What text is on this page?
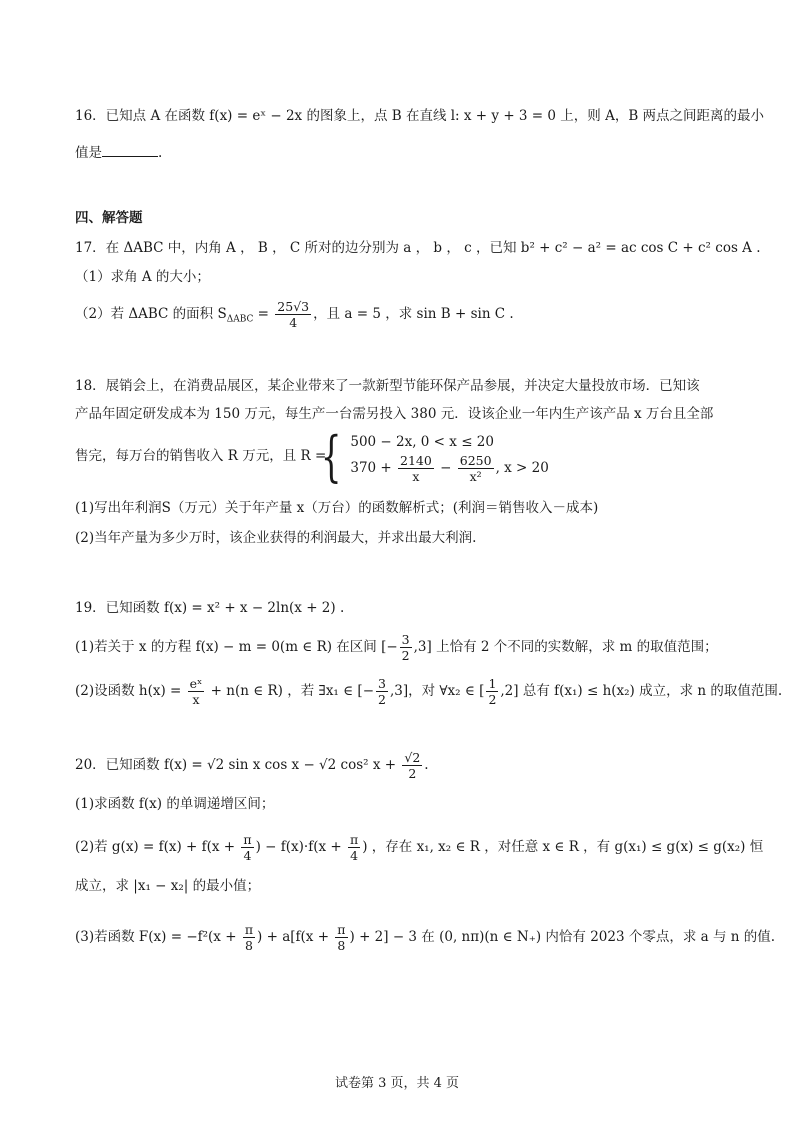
16．已知点 A 在函数 f(x) = eˣ − 2x 的图象上，点 B 在直线 l: x + y + 3 = 0 上，则 A，B 两点之间距离的最小
值是	.
四、解答题
17．在 ΔABC 中，内角 A ， B ， C 所对的边分别为 a ， b ， c ，已知 b² + c² − a² = ac cos C + c² cos A .
（1）求角 A 的大小；
（2）若 ΔABC 的面积 $S_{\Delta ABC} = \frac{25√3}{4}$ ，且 a = 5 ，求 sin B + sin C .
18．展销会上，在消费品展区，某企业带来了一款新型节能环保产品参展，并决定大量投放市场．已知该
产品年固定研发成本为 150 万元，每生产一台需另投入 380 元．设该企业一年内生产该产品 x 万台且全部
售完，每万台的销售收入 R 万元，且 R =
{ 500 − 2x, 0 < x ≤ 20
$370 + \frac{2140}{x} - \frac{6250}{\text{x²}}$ , x > 20
(1)写出年利润S（万元）关于年产量 x（万台）的函数解析式；(利润＝销售收入－成本)
(2)当年产量为多少万时，该企业获得的利润最大，并求出最大利润.
19．已知函数 f(x) = x² + x − 2ln(x + 2) .
(1)若关于 x 的方程 f(x) − m = 0(m ∈ R) 在区间 [− $\frac{3}{2} ,3$] 上恰有 2 个不同的实数解，求 m 的取值范围；
(2)设函数 $h(x) = \frac{\text{eˣ}}{x} + n(n$ ∈ R) ，若 ∃x₁ ∈ [− $\frac{3}{2} ,3$]，对 ∀x₂ ∈ [ $\frac{1}{2} ,2$] 总有 f(x₁) ≤ h(x₂) 成立，求 n 的取值范围.
20．已知函数 f(x) = √2 sin x cos x − √2 cos² $x + \frac{√2}{2}$ .
(1)求函数 f(x) 的单调递增区间；
(2)若 $g(x) = f(x) + f(x + \frac{\pi}{4}$ ) − $f(x)\cdot f(x + \frac{\pi}{4}$ ) ，存在 x₁, x₂ ∈ R ，对任意 x ∈ R ，有 g(x₁) ≤ g(x) ≤ g(x₂) 恒
成立，求 |x₁ − x₂| 的最小值；
(3)若函数 $F(x) = -f^2(x + \frac{\pi}{8}$ ) + $a[f(x + \frac{\pi}{8}$ ) + 2] − 3 在 (0, nπ)(n ∈ N₊) 内恰有 2023 个零点，求 a 与 n 的值.
试卷第 3 页，共 4 页
